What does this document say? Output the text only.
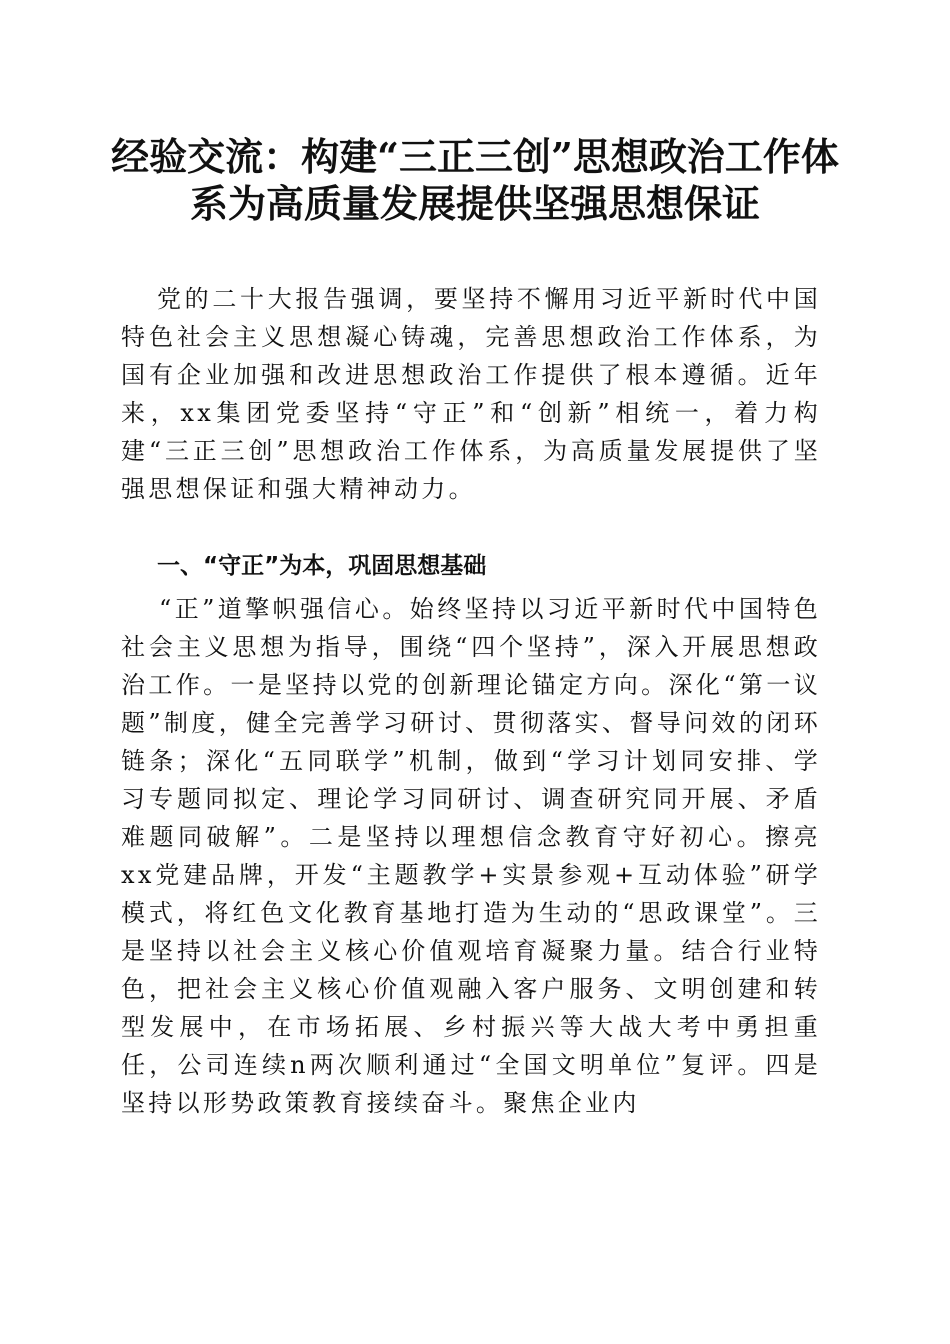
经验交流：构建“三正三创”思想政治工作体系为高质量发展提供坚强思想保证

党的二十大报告强调，要坚持不懈用习近平新时代中国特色社会主义思想凝心铸魂，完善思想政治工作体系，为国有企业加强和改进思想政治工作提供了根本遵循。近年来，xx集团党委坚持“守正”和“创新”相统一，着力构建“三正三创”思想政治工作体系，为高质量发展提供了坚强思想保证和强大精神动力。

一、“守正”为本，巩固思想基础

“正”道擎帜强信心。始终坚持以习近平新时代中国特色社会主义思想为指导，围绕“四个坚持”，深入开展思想政治工作。一是坚持以党的创新理论锚定方向。深化“第一议题”制度，健全完善学习研讨、贯彻落实、督导问效的闭环链条；深化“五同联学”机制，做到“学习计划同安排、学习专题同拟定、理论学习同研讨、调查研究同开展、矛盾难题同破解”。二是坚持以理想信念教育守好初心。擦亮xx党建品牌，开发“主题教学+实景参观+互动体验”研学模式，将红色文化教育基地打造为生动的“思政课堂”。三是坚持以社会主义核心价值观培育凝聚力量。结合行业特色，把社会主义核心价值观融入客户服务、文明创建和转型发展中，在市场拓展、乡村振兴等大战大考中勇担重任，公司连续n两次顺利通过“全国文明单位”复评。四是坚持以形势政策教育接续奋斗。聚焦企业内
